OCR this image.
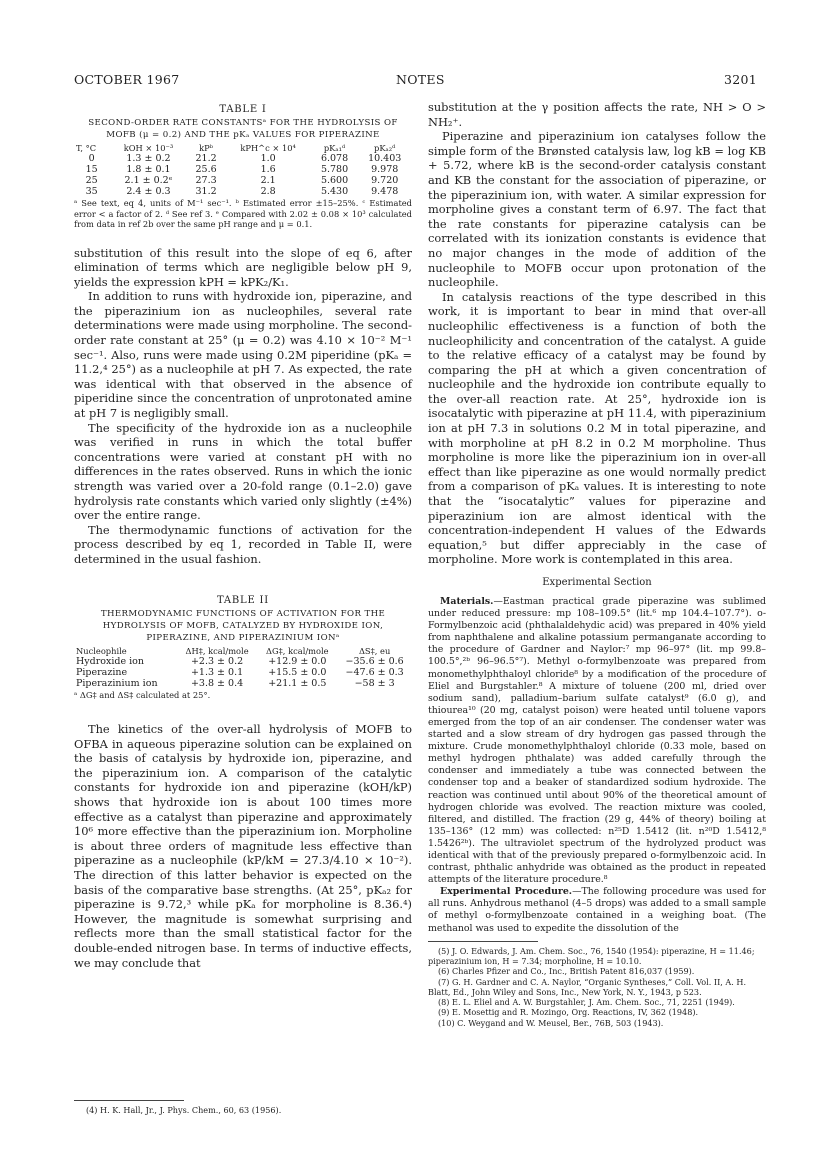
OCTOBER 1967	NOTES	3201
TABLE I
SECOND-ORDER RATE CONSTANTSᵃ FOR THE HYDROLYSIS OF MOFB (μ = 0.2) AND THE pKₐ VALUES FOR PIPERAZINE
T, °C	kOH × 10⁻³	kPᵇ	kPH^c × 10⁴	pKₐ₁ᵈ	pKₐ₂ᵈ
0	1.3 ± 0.2	21.2	1.0	6.078	10.403
15	1.8 ± 0.1	25.6	1.6	5.780	9.978
25	2.1 ± 0.2ᵉ	27.3	2.1	5.600	9.720
35	2.4 ± 0.3	31.2	2.8	5.430	9.478
ᵃ See text, eq 4, units of M⁻¹ sec⁻¹. ᵇ Estimated error ±15–25%. ᶜ Estimated error < a factor of 2. ᵈ See ref 3. ᵉ Compared with 2.02 ± 0.08 × 10³ calculated from data in ref 2b over the same pH range and μ = 0.1.

substitution of this result into the slope of eq 6, after elimination of terms which are negligible below pH 9, yields the expression kPH = kPK₂/K₁.

In addition to runs with hydroxide ion, piperazine, and the piperazinium ion as nucleophiles, several rate determinations were made using morpholine. The second-order rate constant at 25° (μ = 0.2) was 4.10 × 10⁻² M⁻¹ sec⁻¹. Also, runs were made using 0.2M piperidine (pKₐ = 11.2,⁴ 25°) as a nucleophile at pH 7. As expected, the rate was identical with that observed in the absence of piperidine since the concentration of unprotonated amine at pH 7 is negligibly small.

The specificity of the hydroxide ion as a nucleophile was verified in runs in which the total buffer concentrations were varied at constant pH with no differences in the rates observed. Runs in which the ionic strength was varied over a 20-fold range (0.1–2.0) gave hydrolysis rate constants which varied only slightly (±4%) over the entire range.

The thermodynamic functions of activation for the process described by eq 1, recorded in Table II, were determined in the usual fashion.

TABLE II
THERMODYNAMIC FUNCTIONS OF ACTIVATION FOR THE HYDROLYSIS OF MOFB, CATALYZED BY HYDROXIDE ION, PIPERAZINE, AND PIPERAZINIUM IONᵃ
Nucleophile	ΔH‡, kcal/mole	ΔG‡, kcal/mole	ΔS‡, eu
Hydroxide ion	+2.3 ± 0.2	+12.9 ± 0.0	−35.6 ± 0.6
Piperazine	+1.3 ± 0.1	+15.5 ± 0.0	−47.6 ± 0.3
Piperazinium ion	+3.8 ± 0.4	+21.1 ± 0.5	−58 ± 3
ᵃ ΔG‡ and ΔS‡ calculated at 25°.

The kinetics of the over-all hydrolysis of MOFB to OFBA in aqueous piperazine solution can be explained on the basis of catalysis by hydroxide ion, piperazine, and the piperazinium ion. A comparison of the catalytic constants for hydroxide ion and piperazine (kOH/kP) shows that hydroxide ion is about 100 times more effective as a catalyst than piperazine and approximately 10⁶ more effective than the piperazinium ion. Morpholine is about three orders of magnitude less effective than piperazine as a nucleophile (kP/kM = 27.3/4.10 × 10⁻²). The direction of this latter behavior is expected on the basis of the comparative base strengths. (At 25°, pKₐ₂ for piperazine is 9.72,³ while pKₐ for morpholine is 8.36.⁴) However, the magnitude is somewhat surprising and reflects more than the small statistical factor for the double-ended nitrogen base. In terms of inductive effects, we may conclude that

(4) H. K. Hall, Jr., J. Phys. Chem., 60, 63 (1956).

substitution at the γ position affects the rate, NH > O > NH₂⁺.

Piperazine and piperazinium ion catalyses follow the simple form of the Brønsted catalysis law, log kB = log KB + 5.72, where kB is the second-order catalysis constant and KB the constant for the association of piperazine, or the piperazinium ion, with water. A similar expression for morpholine gives a constant term of 6.97. The fact that the rate constants for piperazine catalysis can be correlated with its ionization constants is evidence that no major changes in the mode of addition of the nucleophile to MOFB occur upon protonation of the nucleophile.

In catalysis reactions of the type described in this work, it is important to bear in mind that over-all nucleophilic effectiveness is a function of both the nucleophilicity and concentration of the catalyst. A guide to the relative efficacy of a catalyst may be found by comparing the pH at which a given concentration of nucleophile and the hydroxide ion contribute equally to the over-all reaction rate. At 25°, hydroxide ion is isocatalytic with piperazine at pH 11.4, with piperazinium ion at pH 7.3 in solutions 0.2 M in total piperazine, and with morpholine at pH 8.2 in 0.2 M morpholine. Thus morpholine is more like the piperazinium ion in over-all effect than like piperazine as one would normally predict from a comparison of pKₐ values. It is interesting to note that the “isocatalytic” values for piperazine and piperazinium ion are almost identical with the concentration-independent H values of the Edwards equation,⁵ but differ appreciably in the case of morpholine. More work is contemplated in this area.

Experimental Section

Materials.—Eastman practical grade piperazine was sublimed under reduced pressure: mp 108–109.5° (lit.⁶ mp 104.4–107.7°). o-Formylbenzoic acid (phthalaldehydic acid) was prepared in 40% yield from naphthalene and alkaline potassium permanganate according to the procedure of Gardner and Naylor:⁷ mp 96–97° (lit. mp 99.8–100.5°,²ᵇ 96–96.5°⁷). Methyl o-formylbenzoate was prepared from monomethylphthaloyl chloride⁸ by a modification of the procedure of Eliel and Burgstahler.⁸ A mixture of toluene (200 ml, dried over sodium sand), palladium–barium sulfate catalyst⁹ (6.0 g), and thiourea¹⁰ (20 mg, catalyst poison) were heated until toluene vapors emerged from the top of an air condenser. The condenser water was started and a slow stream of dry hydrogen gas passed through the mixture. Crude monomethylphthaloyl chloride (0.33 mole, based on methyl hydrogen phthalate) was added carefully through the condenser and immediately a tube was connected between the condenser top and a beaker of standardized sodium hydroxide. The reaction was continued until about 90% of the theoretical amount of hydrogen chloride was evolved. The reaction mixture was cooled, filtered, and distilled. The fraction (29 g, 44% of theory) boiling at 135–136° (12 mm) was collected: n²⁵D 1.5412 (lit. n²⁰D 1.5412,⁸ 1.5426²ᵇ). The ultraviolet spectrum of the hydrolyzed product was identical with that of the previously prepared o-formylbenzoic acid. In contrast, phthalic anhydride was obtained as the product in repeated attempts of the literature procedure.⁸

Experimental Procedure.—The following procedure was used for all runs. Anhydrous methanol (4–5 drops) was added to a small sample of methyl o-formylbenzoate contained in a weighing boat. (The methanol was used to expedite the dissolution of the

(5) J. O. Edwards, J. Am. Chem. Soc., 76, 1540 (1954): piperazine, H = 11.46; piperazinium ion, H = 7.34; morpholine, H = 10.10.
(6) Charles Pfizer and Co., Inc., British Patent 816,037 (1959).
(7) G. H. Gardner and C. A. Naylor, “Organic Syntheses,” Coll. Vol. II, A. H. Blatt, Ed., John Wiley and Sons, Inc., New York, N. Y., 1943, p 523.
(8) E. L. Eliel and A. W. Burgstahler, J. Am. Chem. Soc., 71, 2251 (1949).
(9) E. Mosettig and R. Mozingo, Org. Reactions, IV, 362 (1948).
(10) C. Weygand and W. Meusel, Ber., 76B, 503 (1943).
